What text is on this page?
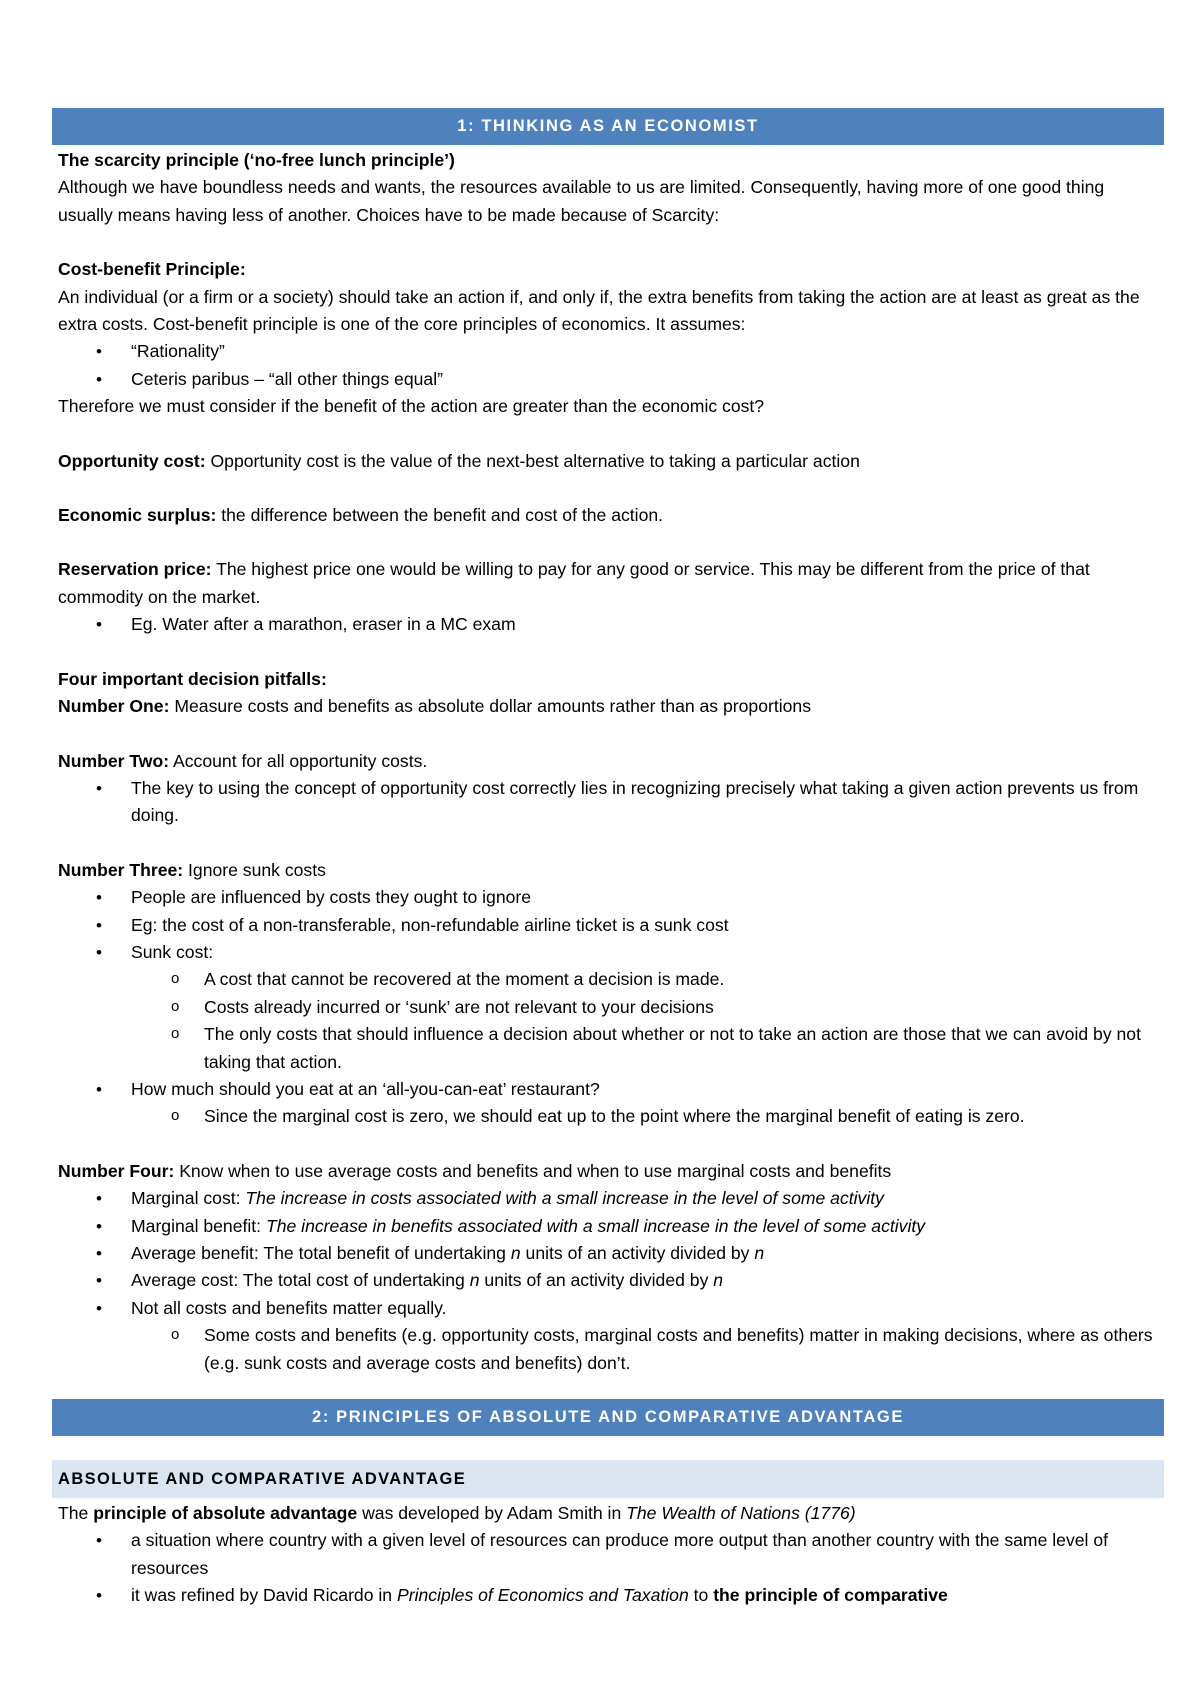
1: THINKING AS AN ECONOMIST

The scarcity principle (‘no-free lunch principle’)

Although we have boundless needs and wants, the resources available to us are limited. Consequently, having more of one good thing usually means having less of another. Choices have to be made because of Scarcity:

Cost-benefit Principle:

An individual (or a firm or a society) should take an action if, and only if, the extra benefits from taking the action are at least as great as the extra costs. Cost-benefit principle is one of the core principles of economics. It assumes:

• “Rationality”
• Ceteris paribus – “all other things equal”

Therefore we must consider if the benefit of the action are greater than the economic cost?

Opportunity cost: Opportunity cost is the value of the next-best alternative to taking a particular action

Economic surplus: the difference between the benefit and cost of the action.

Reservation price: The highest price one would be willing to pay for any good or service. This may be different from the price of that commodity on the market.

• Eg. Water after a marathon, eraser in a MC exam

Four important decision pitfalls:

Number One: Measure costs and benefits as absolute dollar amounts rather than as proportions

Number Two: Account for all opportunity costs.

• The key to using the concept of opportunity cost correctly lies in recognizing precisely what taking a given action prevents us from doing.

Number Three: Ignore sunk costs

• People are influenced by costs they ought to ignore
• Eg: the cost of a non-transferable, non-refundable airline ticket is a sunk cost
• Sunk cost:
o A cost that cannot be recovered at the moment a decision is made.
o Costs already incurred or ‘sunk’ are not relevant to your decisions
o The only costs that should influence a decision about whether or not to take an action are those that we can avoid by not taking that action.
• How much should you eat at an ‘all-you-can-eat’ restaurant?
o Since the marginal cost is zero, we should eat up to the point where the marginal benefit of eating is zero.

Number Four: Know when to use average costs and benefits and when to use marginal costs and benefits

• Marginal cost: The increase in costs associated with a small increase in the level of some activity
• Marginal benefit: The increase in benefits associated with a small increase in the level of some activity
• Average benefit: The total benefit of undertaking n units of an activity divided by n
• Average cost: The total cost of undertaking n units of an activity divided by n
• Not all costs and benefits matter equally.
o Some costs and benefits (e.g. opportunity costs, marginal costs and benefits) matter in making decisions, where as others (e.g. sunk costs and average costs and benefits) don’t.
2: PRINCIPLES OF ABSOLUTE AND COMPARATIVE ADVANTAGE
ABSOLUTE AND COMPARATIVE ADVANTAGE

The principle of absolute advantage was developed by Adam Smith in The Wealth of Nations (1776)

• a situation where country with a given level of resources can produce more output than another country with the same level of resources
• it was refined by David Ricardo in Principles of Economics and Taxation to the principle of comparative
